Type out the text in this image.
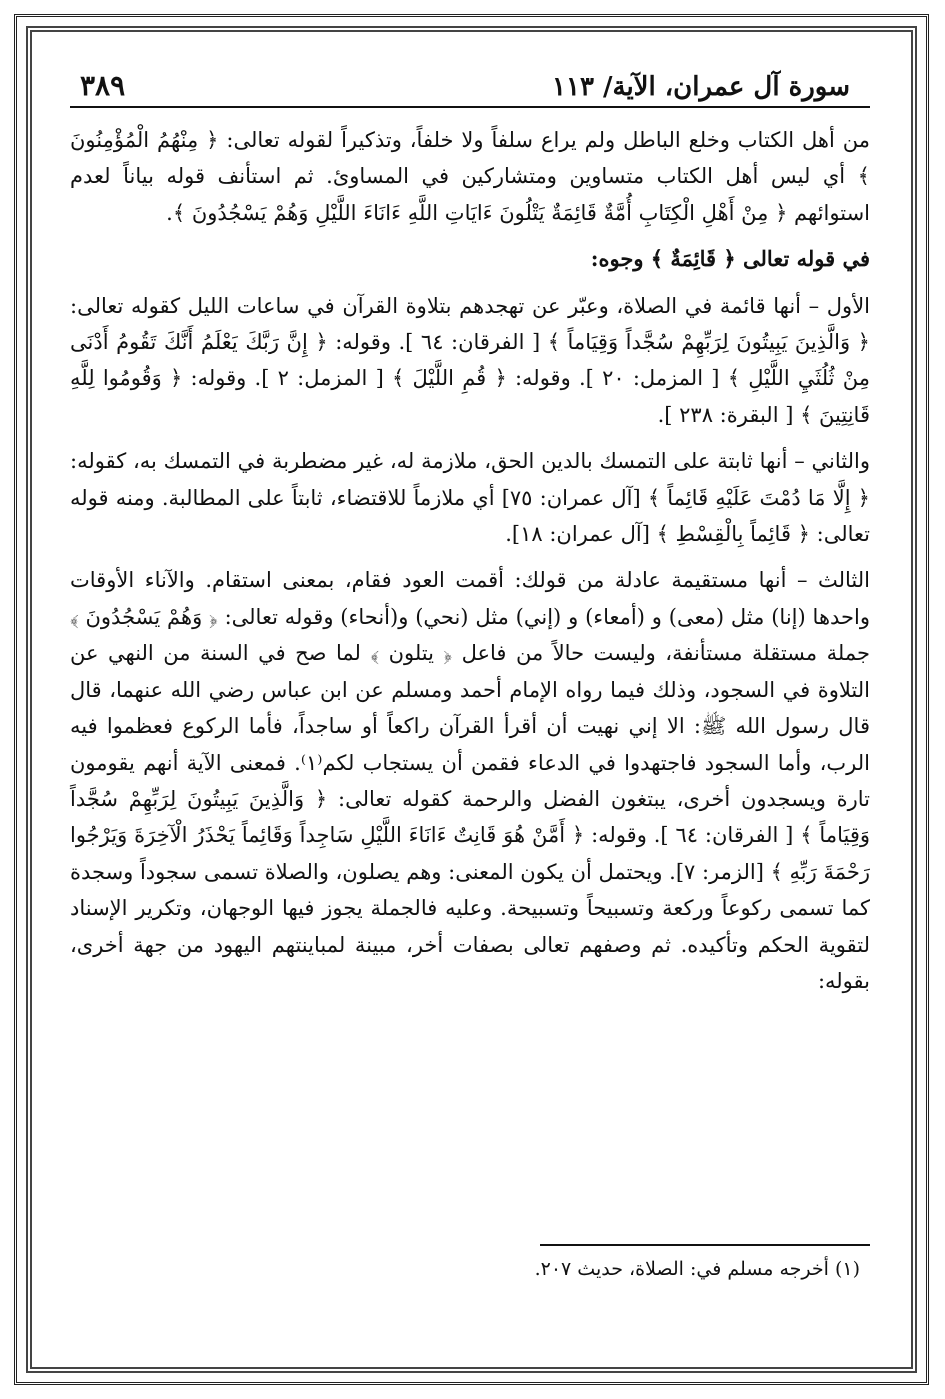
سورة آل عمران، الآية/ ١١٣
٣٨٩

من أهل الكتاب وخلع الباطل ولم يراع سلفاً ولا خلفاً، وتذكيراً لقوله تعالى: ﴿ مِنْهُمُ الْمُؤْمِنُونَ ﴾ أي ليس أهل الكتاب متساوين ومتشاركين في المساوئ. ثم استأنف قوله بياناً لعدم استوائهم ﴿ مِنْ أَهْلِ الْكِتَابِ أُمَّةٌ قَائِمَةٌ يَتْلُونَ ءَايَاتِ اللَّهِ ءَانَاءَ اللَّيْلِ وَهُمْ يَسْجُدُونَ ﴾.

في قوله تعالى ﴿ قَائِمَةٌ ﴾ وجوه:

الأول – أنها قائمة في الصلاة، وعبّر عن تهجدهم بتلاوة القرآن في ساعات الليل كقوله تعالى: ﴿ وَالَّذِينَ يَبِيتُونَ لِرَبِّهِمْ سُجَّداً وَقِيَاماً ﴾ [ الفرقان: ٦٤ ]. وقوله: ﴿ إِنَّ رَبَّكَ يَعْلَمُ أَنَّكَ تَقُومُ أَدْنَى مِنْ ثُلُثَيِ اللَّيْلِ ﴾ [ المزمل: ٢٠ ]. وقوله: ﴿ قُمِ اللَّيْلَ ﴾ [ المزمل: ٢ ]. وقوله: ﴿ وَقُومُوا لِلَّهِ قَانِتِينَ ﴾ [ البقرة: ٢٣٨ ].

والثاني – أنها ثابتة على التمسك بالدين الحق، ملازمة له، غير مضطربة في التمسك به، كقوله: ﴿ إِلَّا مَا دُمْتَ عَلَيْهِ قَائِماً ﴾ [آل عمران: ٧٥] أي ملازماً للاقتضاء، ثابتاً على المطالبة. ومنه قوله تعالى: ﴿ قَائِماً بِالْقِسْطِ ﴾ [آل عمران: ١٨].

الثالث – أنها مستقيمة عادلة من قولك: أقمت العود فقام، بمعنى استقام. والآناء الأوقات واحدها (إنا) مثل (معى) و (أمعاء) و (إني) مثل (نحي) و(أنحاء) وقوله تعالى: ﴿ وَهُمْ يَسْجُدُونَ ﴾ جملة مستقلة مستأنفة، وليست حالاً من فاعل ﴿ يتلون ﴾ لما صح في السنة من النهي عن التلاوة في السجود، وذلك فيما رواه الإمام أحمد ومسلم عن ابن عباس رضي الله عنهما، قال قال رسول الله ﷺ: الا إني نهيت أن أقرأ القرآن راكعاً أو ساجداً، فأما الركوع فعظموا فيه الرب، وأما السجود فاجتهدوا في الدعاء فقمن أن يستجاب لكم⁽١⁾. فمعنى الآية أنهم يقومون تارة ويسجدون أخرى، يبتغون الفضل والرحمة كقوله تعالى: ﴿ وَالَّذِينَ يَبِيتُونَ لِرَبِّهِمْ سُجَّداً وَقِيَاماً ﴾ [ الفرقان: ٦٤ ]. وقوله: ﴿ أَمَّنْ هُوَ قَانِتٌ ءَانَاءَ اللَّيْلِ سَاجِداً وَقَائِماً يَحْذَرُ الْآخِرَةَ وَيَرْجُوا رَحْمَةَ رَبِّهِ ﴾ [الزمر: ٧]. ويحتمل أن يكون المعنى: وهم يصلون، والصلاة تسمى سجوداً وسجدة كما تسمى ركوعاً وركعة وتسبيحاً وتسبيحة. وعليه فالجملة يجوز فيها الوجهان، وتكرير الإسناد لتقوية الحكم وتأكيده. ثم وصفهم تعالى بصفات أخر، مبينة لمباينتهم اليهود من جهة أخرى، بقوله:

(١) أخرجه مسلم في: الصلاة، حديث ٢٠٧.
